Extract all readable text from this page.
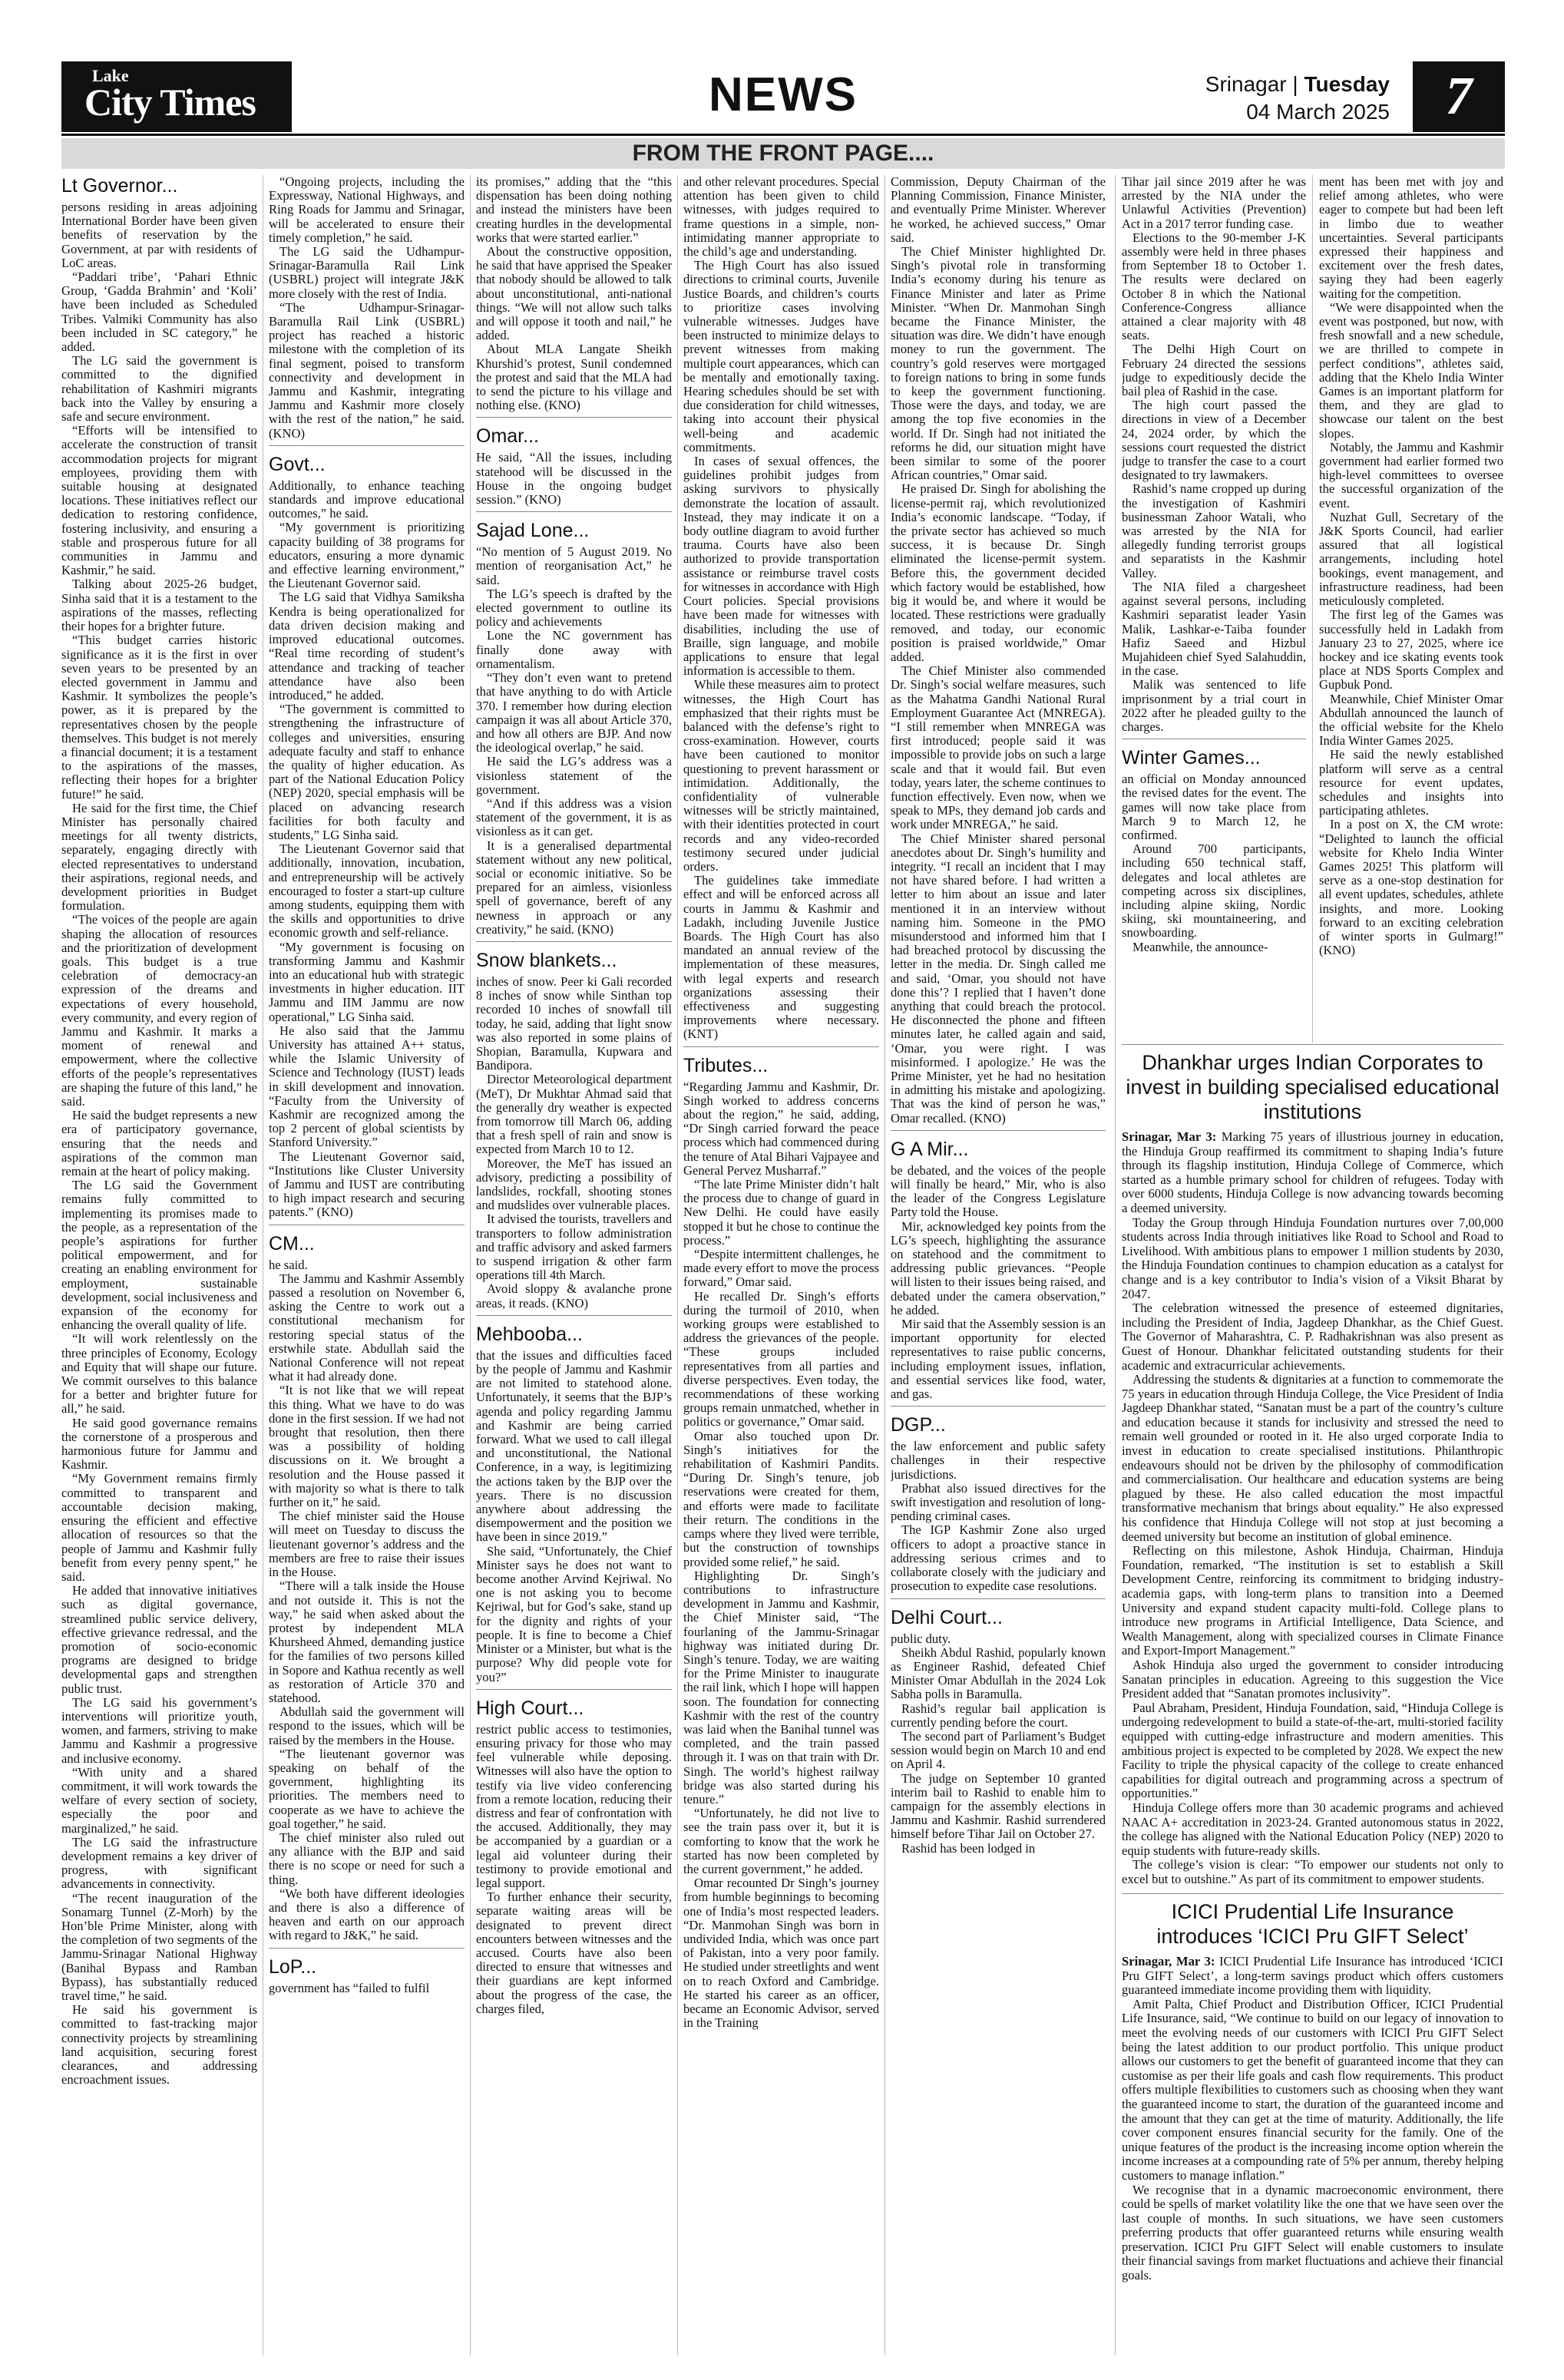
Lake
City Times	NEWS	Srinagar | Tuesday
04 March 2025	7
FROM THE FRONT PAGE....
Lt Governor...

persons residing in areas adjoining International Border have been given benefits of reservation by the Government, at par with residents of LoC areas.

“Paddari tribe’, ‘Pahari Ethnic Group, ‘Gadda Brahmin’ and ‘Koli’ have been included as Scheduled Tribes. Valmiki Community has also been included in SC category,” he added.

The LG said the government is committed to the dignified rehabilitation of Kashmiri migrants back into the Valley by ensuring a safe and secure environment.

“Efforts will be intensified to accelerate the construction of transit accommodation projects for migrant employees, providing them with suitable housing at designated locations. These initiatives reflect our dedication to restoring confidence, fostering inclusivity, and ensuring a stable and prosperous future for all communities in Jammu and Kashmir,” he said.

Talking about 2025-26 budget, Sinha said that it is a testament to the aspirations of the masses, reflecting their hopes for a brighter future.

“This budget carries historic significance as it is the first in over seven years to be presented by an elected government in Jammu and Kashmir. It symbolizes the people’s power, as it is prepared by the representatives chosen by the people themselves. This budget is not merely a financial document; it is a testament to the aspirations of the masses, reflecting their hopes for a brighter future!” he said.

He said for the first time, the Chief Minister has personally chaired meetings for all twenty districts, separately, engaging directly with elected representatives to understand their aspirations, regional needs, and development priorities in Budget formulation.

“The voices of the people are again shaping the allocation of resources and the prioritization of development goals. This budget is a true celebration of democracy-an expression of the dreams and expectations of every household, every community, and every region of Jammu and Kashmir. It marks a moment of renewal and empowerment, where the collective efforts of the people’s representatives are shaping the future of this land,” he said.

He said the budget represents a new era of participatory governance, ensuring that the needs and aspirations of the common man remain at the heart of policy making.

The LG said the Government remains fully committed to implementing its promises made to the people, as a representation of the people’s aspirations for further political empowerment, and for creating an enabling environment for employment, sustainable development, social inclusiveness and expansion of the economy for enhancing the overall quality of life.

“It will work relentlessly on the three principles of Economy, Ecology and Equity that will shape our future. We commit ourselves to this balance for a better and brighter future for all,” he said.

He said good governance remains the cornerstone of a prosperous and harmonious future for Jammu and Kashmir.

“My Government remains firmly committed to transparent and accountable decision making, ensuring the efficient and effective allocation of resources so that the people of Jammu and Kashmir fully benefit from every penny spent,” he said.

He added that innovative initiatives such as digital governance, streamlined public service delivery, effective grievance redressal, and the promotion of socio-economic programs are designed to bridge developmental gaps and strengthen public trust.

The LG said his government’s interventions will prioritize youth, women, and farmers, striving to make Jammu and Kashmir a progressive and inclusive economy.

“With unity and a shared commitment, it will work towards the welfare of every section of society, especially the poor and marginalized,” he said.

The LG said the infrastructure development remains a key driver of progress, with significant advancements in connectivity.

“The recent inauguration of the Sonamarg Tunnel (Z-Morh) by the Hon’ble Prime Minister, along with the completion of two segments of the Jammu-Srinagar National Highway (Banihal Bypass and Ramban Bypass), has substantially reduced travel time,” he said.

He said his government is committed to fast-tracking major connectivity projects by streamlining land acquisition, securing forest clearances, and addressing encroachment issues.

“Ongoing projects, including the Expressway, National Highways, and Ring Roads for Jammu and Srinagar, will be accelerated to ensure their timely completion,” he said.

The LG said the Udhampur-Srinagar-Baramulla Rail Link (USBRL) project will integrate J&K more closely with the rest of India.

“The Udhampur-Srinagar-Baramulla Rail Link (USBRL) project has reached a historic milestone with the completion of its final segment, poised to transform connectivity and development in Jammu and Kashmir, integrating Jammu and Kashmir more closely with the rest of the nation,” he said. (KNO)

Govt...

Additionally, to enhance teaching standards and improve educational outcomes,” he said.

“My government is prioritizing capacity building of 38 programs for educators, ensuring a more dynamic and effective learning environment,” the Lieutenant Governor said.

The LG said that Vidhya Samiksha Kendra is being operationalized for data driven decision making and improved educational outcomes. “Real time recording of student’s attendance and tracking of teacher attendance have also been introduced,” he added.

“The government is committed to strengthening the infrastructure of colleges and universities, ensuring adequate faculty and staff to enhance the quality of higher education. As part of the National Education Policy (NEP) 2020, special emphasis will be placed on advancing research facilities for both faculty and students,” LG Sinha said.

The Lieutenant Governor said that additionally, innovation, incubation, and entrepreneurship will be actively encouraged to foster a start-up culture among students, equipping them with the skills and opportunities to drive economic growth and self-reliance.

“My government is focusing on transforming Jammu and Kashmir into an educational hub with strategic investments in higher education. IIT Jammu and IIM Jammu are now operational,” LG Sinha said.

He also said that the Jammu University has attained A++ status, while the Islamic University of Science and Technology (IUST) leads in skill development and innovation. “Faculty from the University of Kashmir are recognized among the top 2 percent of global scientists by Stanford University.”

The Lieutenant Governor said, “Institutions like Cluster University of Jammu and IUST are contributing to high impact research and securing patents.” (KNO)

CM...

he said.

The Jammu and Kashmir Assembly passed a resolution on November 6, asking the Centre to work out a constitutional mechanism for restoring special status of the erstwhile state. Abdullah said the National Conference will not repeat what it had already done.

“It is not like that we will repeat this thing. What we have to do was done in the first session. If we had not brought that resolution, then there was a possibility of holding discussions on it. We brought a resolution and the House passed it with majority so what is there to talk further on it,” he said.

The chief minister said the House will meet on Tuesday to discuss the lieutenant governor’s address and the members are free to raise their issues in the House.

“There will a talk inside the House and not outside it. This is not the way,” he said when asked about the protest by independent MLA Khursheed Ahmed, demanding justice for the families of two persons killed in Sopore and Kathua recently as well as restoration of Article 370 and statehood.

Abdullah said the government will respond to the issues, which will be raised by the members in the House.

“The lieutenant governor was speaking on behalf of the government, highlighting its priorities. The members need to cooperate as we have to achieve the goal together,” he said.

The chief minister also ruled out any alliance with the BJP and said there is no scope or need for such a thing.

“We both have different ideologies and there is also a difference of heaven and earth on our approach with regard to J&K,” he said.

LoP...

government has “failed to fulfil

its promises,” adding that the “this dispensation has been doing nothing and instead the ministers have been creating hurdles in the developmental works that were started earlier.”

About the constructive opposition, he said that have apprised the Speaker that nobody should be allowed to talk about unconstitutional, anti-national things. “We will not allow such talks and will oppose it tooth and nail,” he added.

About MLA Langate Sheikh Khurshid’s protest, Sunil condemned the protest and said that the MLA had to send the picture to his village and nothing else. (KNO)

Omar...

He said, “All the issues, including statehood will be discussed in the House in the ongoing budget session.” (KNO)

Sajad Lone...

“No mention of 5 August 2019. No mention of reorganisation Act,” he said.

The LG’s speech is drafted by the elected government to outline its policy and achievements

Lone the NC government has finally done away with ornamentalism.

“They don’t even want to pretend that have anything to do with Article 370. I remember how during election campaign it was all about Article 370, and how all others are BJP. And now the ideological overlap,” he said.

He said the LG’s address was a visionless statement of the government.

“And if this address was a vision statement of the government, it is as visionless as it can get.

It is a generalised departmental statement without any new political, social or economic initiative. So be prepared for an aimless, visionless spell of governance, bereft of any newness in approach or any creativity,” he said. (KNO)

Snow blankets...

inches of snow. Peer ki Gali recorded 8 inches of snow while Sinthan top recorded 10 inches of snowfall till today, he said, adding that light snow was also reported in some plains of Shopian, Baramulla, Kupwara and Bandipora.

Director Meteorological department (MeT), Dr Mukhtar Ahmad said that the generally dry weather is expected from tomorrow till March 06, adding that a fresh spell of rain and snow is expected from March 10 to 12.

Moreover, the MeT has issued an advisory, predicting a possibility of landslides, rockfall, shooting stones and mudslides over vulnerable places.

It advised the tourists, travellers and transporters to follow administration and traffic advisory and asked farmers to suspend irrigation & other farm operations till 4th March.

Avoid sloppy & avalanche prone areas, it reads. (KNO)

Mehbooba...

that the issues and difficulties faced by the people of Jammu and Kashmir are not limited to statehood alone. Unfortunately, it seems that the BJP’s agenda and policy regarding Jammu and Kashmir are being carried forward. What we used to call illegal and unconstitutional, the National Conference, in a way, is legitimizing the actions taken by the BJP over the years. There is no discussion anywhere about addressing the disempowerment and the position we have been in since 2019.”

She said, “Unfortunately, the Chief Minister says he does not want to become another Arvind Kejriwal. No one is not asking you to become Kejriwal, but for God’s sake, stand up for the dignity and rights of your people. It is fine to become a Chief Minister or a Minister, but what is the purpose? Why did people vote for you?”

High Court...

restrict public access to testimonies, ensuring privacy for those who may feel vulnerable while deposing. Witnesses will also have the option to testify via live video conferencing from a remote location, reducing their distress and fear of confrontation with the accused. Additionally, they may be accompanied by a guardian or a legal aid volunteer during their testimony to provide emotional and legal support.

To further enhance their security, separate waiting areas will be designated to prevent direct encounters between witnesses and the accused. Courts have also been directed to ensure that witnesses and their guardians are kept informed about the progress of the case, the charges filed,

and other relevant procedures. Special attention has been given to child witnesses, with judges required to frame questions in a simple, non-intimidating manner appropriate to the child’s age and understanding.

The High Court has also issued directions to criminal courts, Juvenile Justice Boards, and children’s courts to prioritize cases involving vulnerable witnesses. Judges have been instructed to minimize delays to prevent witnesses from making multiple court appearances, which can be mentally and emotionally taxing. Hearing schedules should be set with due consideration for child witnesses, taking into account their physical well-being and academic commitments.

In cases of sexual offences, the guidelines prohibit judges from asking survivors to physically demonstrate the location of assault. Instead, they may indicate it on a body outline diagram to avoid further trauma. Courts have also been authorized to provide transportation assistance or reimburse travel costs for witnesses in accordance with High Court policies. Special provisions have been made for witnesses with disabilities, including the use of Braille, sign language, and mobile applications to ensure that legal information is accessible to them.

While these measures aim to protect witnesses, the High Court has emphasized that their rights must be balanced with the defense’s right to cross-examination. However, courts have been cautioned to monitor questioning to prevent harassment or intimidation. Additionally, the confidentiality of vulnerable witnesses will be strictly maintained, with their identities protected in court records and any video-recorded testimony secured under judicial orders.

The guidelines take immediate effect and will be enforced across all courts in Jammu & Kashmir and Ladakh, including Juvenile Justice Boards. The High Court has also mandated an annual review of the implementation of these measures, with legal experts and research organizations assessing their effectiveness and suggesting improvements where necessary. (KNT)

Tributes...

“Regarding Jammu and Kashmir, Dr. Singh worked to address concerns about the region,” he said, adding, “Dr Singh carried forward the peace process which had commenced during the tenure of Atal Bihari Vajpayee and General Pervez Musharraf.”

“The late Prime Minister didn’t halt the process due to change of guard in New Delhi. He could have easily stopped it but he chose to continue the process.”

“Despite intermittent challenges, he made every effort to move the process forward,” Omar said.

He recalled Dr. Singh’s efforts during the turmoil of 2010, when working groups were established to address the grievances of the people. “These groups included representatives from all parties and diverse perspectives. Even today, the recommendations of these working groups remain unmatched, whether in politics or governance,” Omar said.

Omar also touched upon Dr. Singh’s initiatives for the rehabilitation of Kashmiri Pandits. “During Dr. Singh’s tenure, job reservations were created for them, and efforts were made to facilitate their return. The conditions in the camps where they lived were terrible, but the construction of townships provided some relief,” he said.

Highlighting Dr. Singh’s contributions to infrastructure development in Jammu and Kashmir, the Chief Minister said, “The fourlaning of the Jammu-Srinagar highway was initiated during Dr. Singh’s tenure. Today, we are waiting for the Prime Minister to inaugurate the rail link, which I hope will happen soon. The foundation for connecting Kashmir with the rest of the country was laid when the Banihal tunnel was completed, and the train passed through it. I was on that train with Dr. Singh. The world’s highest railway bridge was also started during his tenure.”

“Unfortunately, he did not live to see the train pass over it, but it is comforting to know that the work he started has now been completed by the current government,” he added.

Omar recounted Dr Singh’s journey from humble beginnings to becoming one of India’s most respected leaders. “Dr. Manmohan Singh was born in undivided India, which was once part of Pakistan, into a very poor family. He studied under streetlights and went on to reach Oxford and Cambridge. He started his career as an officer, became an Economic Advisor, served in the Training

Commission, Deputy Chairman of the Planning Commission, Finance Minister, and eventually Prime Minister. Wherever he worked, he achieved success,” Omar said.

The Chief Minister highlighted Dr. Singh’s pivotal role in transforming India’s economy during his tenure as Finance Minister and later as Prime Minister. “When Dr. Manmohan Singh became the Finance Minister, the situation was dire. We didn’t have enough money to run the government. The country’s gold reserves were mortgaged to foreign nations to bring in some funds to keep the government functioning. Those were the days, and today, we are among the top five economies in the world. If Dr. Singh had not initiated the reforms he did, our situation might have been similar to some of the poorer African countries,” Omar said.

He praised Dr. Singh for abolishing the license-permit raj, which revolutionized India’s economic landscape. “Today, if the private sector has achieved so much success, it is because Dr. Singh eliminated the license-permit system. Before this, the government decided which factory would be established, how big it would be, and where it would be located. These restrictions were gradually removed, and today, our economic position is praised worldwide,” Omar added.

The Chief Minister also commended Dr. Singh’s social welfare measures, such as the Mahatma Gandhi National Rural Employment Guarantee Act (MNREGA). “I still remember when MNREGA was first introduced; people said it was impossible to provide jobs on such a large scale and that it would fail. But even today, years later, the scheme continues to function effectively. Even now, when we speak to MPs, they demand job cards and work under MNREGA,” he said.

The Chief Minister shared personal anecdotes about Dr. Singh’s humility and integrity. “I recall an incident that I may not have shared before. I had written a letter to him about an issue and later mentioned it in an interview without naming him. Someone in the PMO misunderstood and informed him that I had breached protocol by discussing the letter in the media. Dr. Singh called me and said, ‘Omar, you should not have done this’? I replied that I haven’t done anything that could breach the protocol. He disconnected the phone and fifteen minutes later, he called again and said, ‘Omar, you were right. I was misinformed. I apologize.’ He was the Prime Minister, yet he had no hesitation in admitting his mistake and apologizing. That was the kind of person he was,” Omar recalled. (KNO)

G A Mir...

be debated, and the voices of the people will finally be heard,” Mir, who is also the leader of the Congress Legislature Party told the House.

Mir, acknowledged key points from the LG’s speech, highlighting the assurance on statehood and the commitment to addressing public grievances. “People will listen to their issues being raised, and debated under the camera observation,” he added.

Mir said that the Assembly session is an important opportunity for elected representatives to raise public concerns, including employment issues, inflation, and essential services like food, water, and gas.

DGP...

the law enforcement and public safety challenges in their respective jurisdictions.

Prabhat also issued directives for the swift investigation and resolution of long-pending criminal cases.

The IGP Kashmir Zone also urged officers to adopt a proactive stance in addressing serious crimes and to collaborate closely with the judiciary and prosecution to expedite case resolutions.

Delhi Court...

public duty.

Sheikh Abdul Rashid, popularly known as Engineer Rashid, defeated Chief Minister Omar Abdullah in the 2024 Lok Sabha polls in Baramulla.

Rashid’s regular bail application is currently pending before the court.

The second part of Parliament’s Budget session would begin on March 10 and end on April 4.

The judge on September 10 granted interim bail to Rashid to enable him to campaign for the assembly elections in Jammu and Kashmir. Rashid surrendered himself before Tihar Jail on October 27.

Rashid has been lodged in

Tihar jail since 2019 after he was arrested by the NIA under the Unlawful Activities (Prevention) Act in a 2017 terror funding case.

Elections to the 90-member J-K assembly were held in three phases from September 18 to October 1. The results were declared on October 8 in which the National Conference-Congress alliance attained a clear majority with 48 seats.

The Delhi High Court on February 24 directed the sessions judge to expeditiously decide the bail plea of Rashid in the case.

The high court passed the directions in view of a December 24, 2024 order, by which the sessions court requested the district judge to transfer the case to a court designated to try lawmakers.

Rashid’s name cropped up during the investigation of Kashmiri businessman Zahoor Watali, who was arrested by the NIA for allegedly funding terrorist groups and separatists in the Kashmir Valley.

The NIA filed a chargesheet against several persons, including Kashmiri separatist leader Yasin Malik, Lashkar-e-Taiba founder Hafiz Saeed and Hizbul Mujahideen chief Syed Salahuddin, in the case.

Malik was sentenced to life imprisonment by a trial court in 2022 after he pleaded guilty to the charges.

Winter Games...

an official on Monday announced the revised dates for the event. The games will now take place from March 9 to March 12, he confirmed.

Around 700 participants, including 650 technical staff, delegates and local athletes are competing across six disciplines, including alpine skiing, Nordic skiing, ski mountaineering, and snowboarding.

Meanwhile, the announce-

ment has been met with joy and relief among athletes, who were eager to compete but had been left in limbo due to weather uncertainties. Several participants expressed their happiness and excitement over the fresh dates, saying they had been eagerly waiting for the competition.

“We were disappointed when the event was postponed, but now, with fresh snowfall and a new schedule, we are thrilled to compete in perfect conditions”, athletes said, adding that the Khelo India Winter Games is an important platform for them, and they are glad to showcase our talent on the best slopes.

Notably, the Jammu and Kashmir government had earlier formed two high-level committees to oversee the successful organization of the event.

Nuzhat Gull, Secretary of the J&K Sports Council, had earlier assured that all logistical arrangements, including hotel bookings, event management, and infrastructure readiness, had been meticulously completed.

The first leg of the Games was successfully held in Ladakh from January 23 to 27, 2025, where ice hockey and ice skating events took place at NDS Sports Complex and Gupbuk Pond.

Meanwhile, Chief Minister Omar Abdullah announced the launch of the official website for the Khelo India Winter Games 2025.

He said the newly established platform will serve as a central resource for event updates, schedules and insights into participating athletes.

In a post on X, the CM wrote: “Delighted to launch the official website for Khelo India Winter Games 2025! This platform will serve as a one-stop destination for all event updates, schedules, athlete insights, and more. Looking forward to an exciting celebration of winter sports in Gulmarg!” (KNO)

Dhankhar urges Indian Corporates to invest in building specialised educational institutions

Srinagar, Mar 3: Marking 75 years of illustrious journey in education, the Hinduja Group reaffirmed its commitment to shaping India’s future through its flagship institution, Hinduja College of Commerce, which started as a humble primary school for children of refugees. Today with over 6000 students, Hinduja College is now advancing towards becoming a deemed university.

Today the Group through Hinduja Foundation nurtures over 7,00,000 students across India through initiatives like Road to School and Road to Livelihood. With ambitious plans to empower 1 million students by 2030, the Hinduja Foundation continues to champion education as a catalyst for change and is a key contributor to India’s vision of a Viksit Bharat by 2047.

The celebration witnessed the presence of esteemed dignitaries, including the President of India, Jagdeep Dhankhar, as the Chief Guest. The Governor of Maharashtra, C. P. Radhakrishnan was also present as Guest of Honour. Dhankhar felicitated outstanding students for their academic and extracurricular achievements.

Addressing the students & dignitaries at a function to commemorate the 75 years in education through Hinduja College, the Vice President of India Jagdeep Dhankhar stated, “Sanatan must be a part of the country’s culture and education because it stands for inclusivity and stressed the need to remain well grounded or rooted in it. He also urged corporate India to invest in education to create specialised institutions. Philanthropic endeavours should not be driven by the philosophy of commodification and commercialisation. Our healthcare and education systems are being plagued by these. He also called education the most impactful transformative mechanism that brings about equality.” He also expressed his confidence that Hinduja College will not stop at just becoming a deemed university but become an institution of global eminence.

Reflecting on this milestone, Ashok Hinduja, Chairman, Hinduja Foundation, remarked, “The institution is set to establish a Skill Development Centre, reinforcing its commitment to bridging industry-academia gaps, with long-term plans to transition into a Deemed University and expand student capacity multi-fold. College plans to introduce new programs in Artificial Intelligence, Data Science, and Wealth Management, along with specialized courses in Climate Finance and Export-Import Management.”

Ashok Hinduja also urged the government to consider introducing Sanatan principles in education. Agreeing to this suggestion the Vice President added that “Sanatan promotes inclusivity”.

Paul Abraham, President, Hinduja Foundation, said, “Hinduja College is undergoing redevelopment to build a state-of-the-art, multi-storied facility equipped with cutting-edge infrastructure and modern amenities. This ambitious project is expected to be completed by 2028. We expect the new Facility to triple the physical capacity of the college to create enhanced capabilities for digital outreach and programming across a spectrum of opportunities.”

Hinduja College offers more than 30 academic programs and achieved NAAC A+ accreditation in 2023-24. Granted autonomous status in 2022, the college has aligned with the National Education Policy (NEP) 2020 to equip students with future-ready skills.

The college’s vision is clear: “To empower our students not only to excel but to outshine.” As part of its commitment to empower students.

ICICI Prudential Life Insurance introduces ‘ICICI Pru GIFT Select’

Srinagar, Mar 3: ICICI Prudential Life Insurance has introduced ‘ICICI Pru GIFT Select’, a long-term savings product which offers customers guaranteed immediate income providing them with liquidity.

Amit Palta, Chief Product and Distribution Officer, ICICI Prudential Life Insurance, said, “We continue to build on our legacy of innovation to meet the evolving needs of our customers with ICICI Pru GIFT Select being the latest addition to our product portfolio. This unique product allows our customers to get the benefit of guaranteed income that they can customise as per their life goals and cash flow requirements. This product offers multiple flexibilities to customers such as choosing when they want the guaranteed income to start, the duration of the guaranteed income and the amount that they can get at the time of maturity. Additionally, the life cover component ensures financial security for the family. One of the unique features of the product is the increasing income option wherein the income increases at a compounding rate of 5% per annum, thereby helping customers to manage inflation.”

We recognise that in a dynamic macroeconomic environment, there could be spells of market volatility like the one that we have seen over the last couple of months. In such situations, we have seen customers preferring products that offer guaranteed returns while ensuring wealth preservation. ICICI Pru GIFT Select will enable customers to insulate their financial savings from market fluctuations and achieve their financial goals.
